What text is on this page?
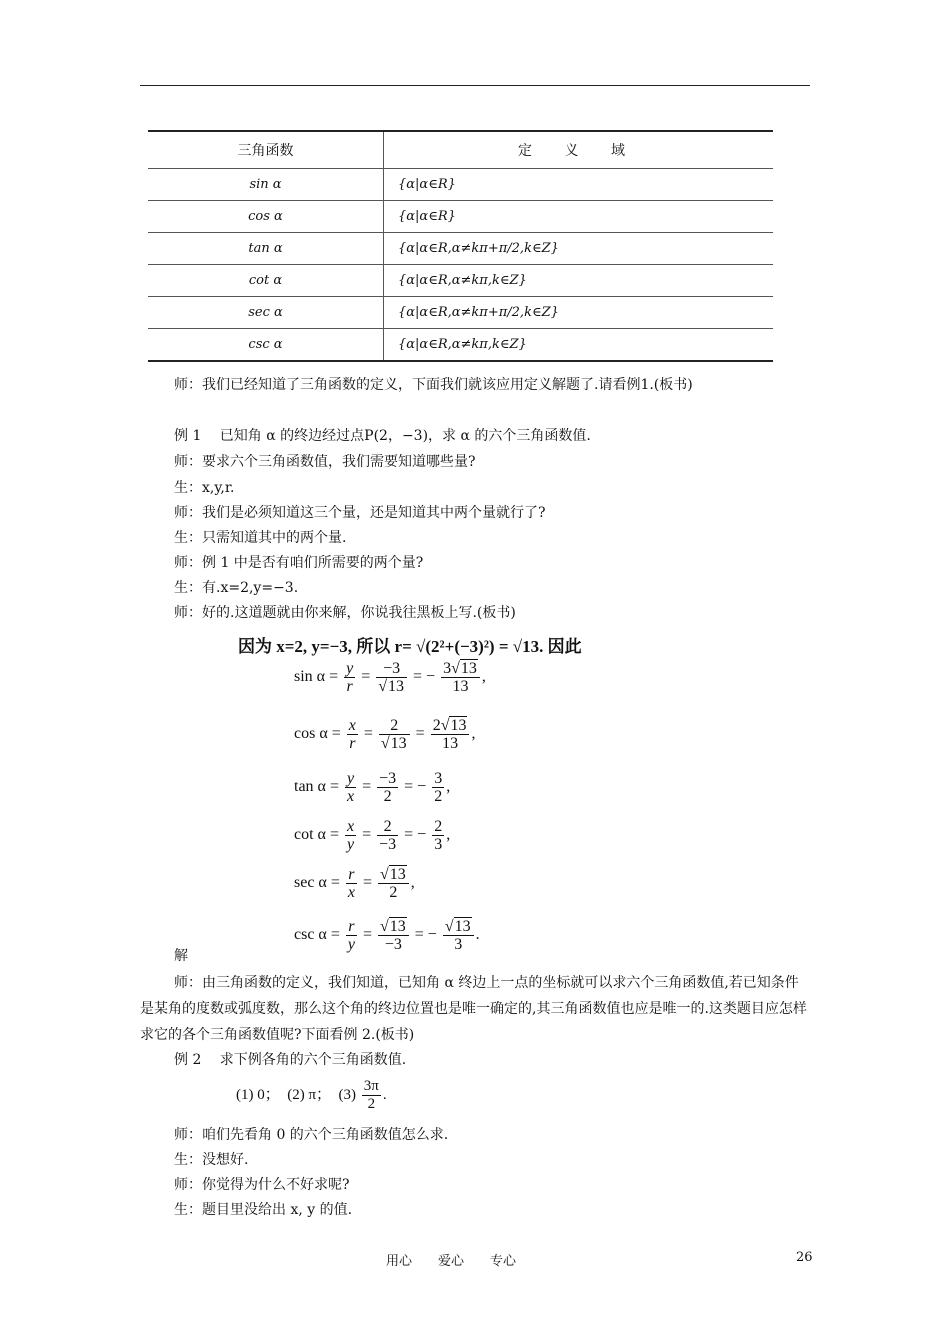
三角函数	定 义 域
sin α	{α|α∈R}
cos α	{α|α∈R}
tan α	{α|α∈R,α≠kπ+π/2,k∈Z}
cot α	{α|α∈R,α≠kπ,k∈Z}
sec α	{α|α∈R,α≠kπ+π/2,k∈Z}
csc α	{α|α∈R,α≠kπ,k∈Z}
师：我们已经知道了三角函数的定义，下面我们就该应用定义解题了.请看例1.(板书)
例 1　 已知角 α 的终边经过点P(2，−3)，求 α 的六个三角函数值.
师：要求六个三角函数值，我们需要知道哪些量?
生：x,y,r.
师：我们是必须知道这三个量，还是知道其中两个量就行了?
生：只需知道其中的两个量.
师：例 1 中是否有咱们所需要的两个量?
生：有.x=2,y=−3.
师：好的.这道题就由你来解，你说我往黑板上写.(板书)
因为 x=2, y=−3, 所以 r= √(2²+(−3)²) = √13. 因此
$\sin \alpha = \frac{y}{r} = \frac{-3}{√13}$ = − $\frac{3√13}{13}$ ,
$\cos \alpha = \frac{x}{r} = \frac{2}{√13} = \frac{2√13}{13}$ ,
$\tan \alpha = \frac{y}{x} = \frac{-3}{2}$ = − $\frac{3}{2}$ ,
$\cot \alpha = \frac{x}{y} = \frac{2}{-3}$ = − $\frac{2}{3}$ ,
$\sec \alpha = \frac{r}{x} = \frac{√13}{2}$ ,
$\csc \alpha = \frac{r}{y} = \frac{√13}{-3}$ = − $\frac{√13}{3}$ .
解
师：由三角函数的定义，我们知道，已知角 α 终边上一点的坐标就可以求六个三角函数值,若已知条件是某角的度数或弧度数，那么这个角的终边位置也是唯一确定的,其三角函数值也应是唯一的.这类题目应怎样求它的各个三角函数值呢?下面看例 2.(板书)
例 2　 求下例各角的六个三角函数值.
(1) 0；　(2) π；　$(3) \frac{3\pi}{2}$ .
师：咱们先看角 0 的六个三角函数值怎么求.
生：没想好.
师：你觉得为什么不好求呢?
生：题目里没给出 x, y 的值.
用心　　爱心　　专心	26
